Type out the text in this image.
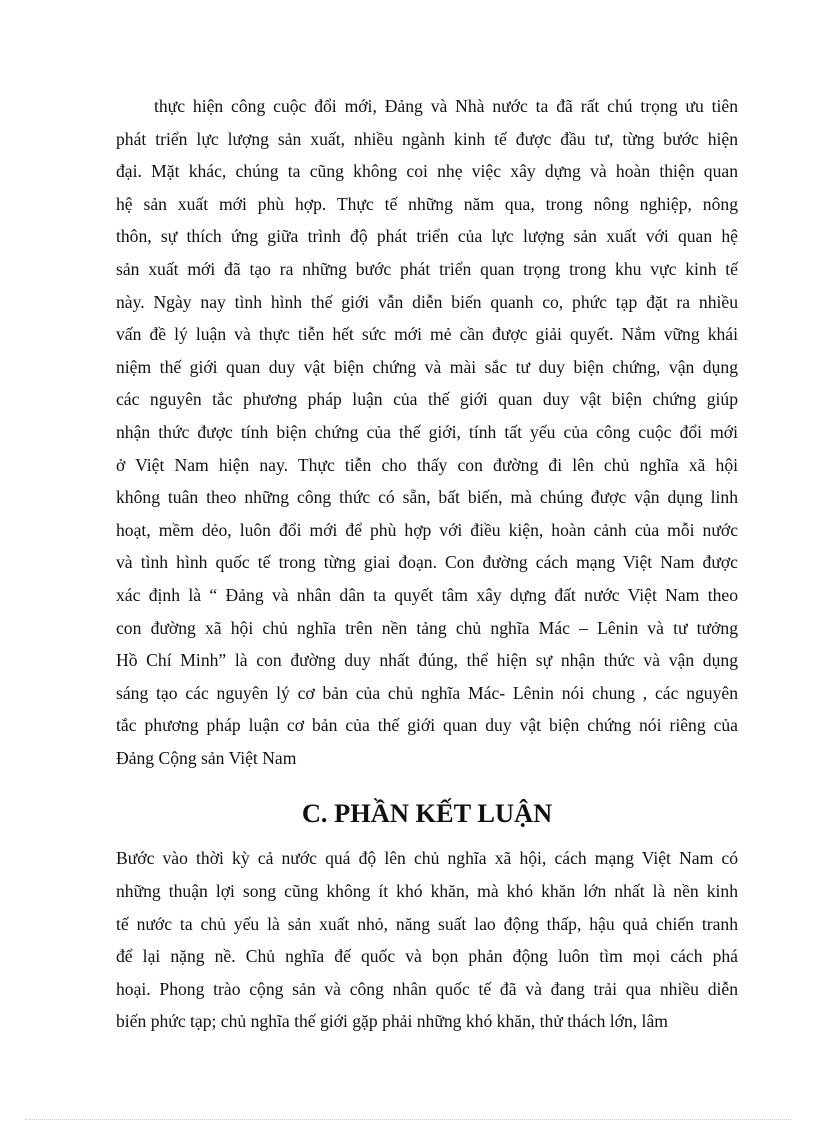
thực hiện công cuộc đổi mới, Đảng và Nhà nước ta đã rất chú trọng ưu tiên
phát triển lực lượng sản xuất, nhiều ngành kinh tế được đầu tư, từng bước hiện
đại. Mặt khác, chúng ta cũng không coi nhẹ việc xây dựng và hoàn thiện quan
hệ sản xuất mới phù hợp. Thực tế những năm qua, trong nông nghiệp, nông
thôn, sự thích ứng giữa trình độ phát triển của lực lượng sản xuất với quan hệ
sản xuất mới đã tạo ra những bước phát triển quan trọng trong khu vực kinh tế
này. Ngày nay tình hình thế giới vẫn diễn biến quanh co, phức tạp đặt ra nhiều
vấn đề lý luận và thực tiễn hết sức mới mẻ cần được giải quyết. Nắm vững khái
niệm thế giới quan duy vật biện chứng và mài sắc tư duy biện chứng, vận dụng
các nguyên tắc phương pháp luận của thế giới quan duy vật biện chứng giúp
nhận thức được tính biện chứng của thế giới, tính tất yếu của công cuộc đổi mới
ở Việt Nam hiện nay. Thực tiễn cho thấy con đường đi lên chủ nghĩa xã hội
không tuân theo những công thức có sẵn, bất biến, mà chúng được vận dụng linh
hoạt, mềm dẻo, luôn đổi mới để phù hợp với điều kiện, hoàn cảnh của mỗi nước
và tình hình quốc tế trong từng giai đoạn. Con đường cách mạng Việt Nam được
xác định là “ Đảng và nhân dân ta quyết tâm xây dựng đất nước Việt Nam theo
con đường xã hội chủ nghĩa trên nền tảng chủ nghĩa Mác – Lênin và tư tưởng
Hồ Chí Minh” là con đường duy nhất đúng, thể hiện sự nhận thức và vận dụng
sáng tạo các nguyên lý cơ bản của chủ nghĩa Mác- Lênin nói chung , các nguyên
tắc phương pháp luận cơ bản của thế giới quan duy vật biện chứng nói riêng của
Đảng Cộng sản Việt Nam
C. PHẦN KẾT LUẬN
Bước vào thời kỳ cả nước quá độ lên chủ nghĩa xã hội, cách mạng Việt Nam có
những thuận lợi song cũng không ít khó khăn, mà khó khăn lớn nhất là nền kinh
tế nước ta chủ yếu là sản xuất nhỏ, năng suất lao động thấp, hậu quả chiến tranh
để lại nặng nề. Chủ nghĩa đế quốc và bọn phản động luôn tìm mọi cách phá
hoại. Phong trào cộng sản và công nhân quốc tế đã và đang trải qua nhiều diễn
biến phức tạp; chủ nghĩa thế giới gặp phải những khó khăn, thử thách lớn, lâm
